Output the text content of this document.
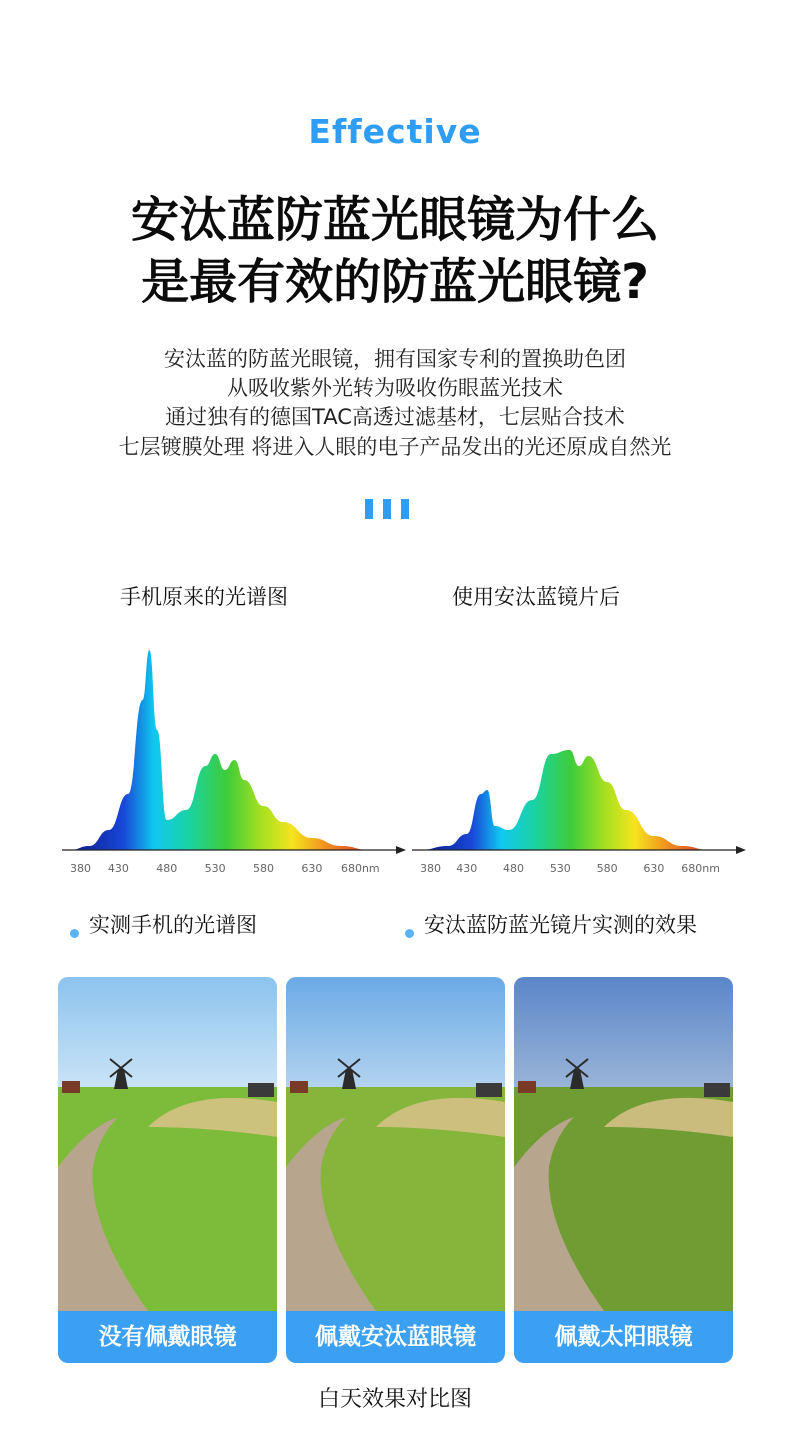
Effective
安汰蓝防蓝光眼镜为什么
是最有效的防蓝光眼镜?
安汰蓝的防蓝光眼镜，拥有国家专利的置换助色团
从吸收紫外光转为吸收伤眼蓝光技术
通过独有的德国TAC高透过滤基材，七层贴合技术
七层镀膜处理 将进入人眼的电子产品发出的光还原成自然光
手机原来的光谱图	使用安汰蓝镜片后
380 430 480 530 580 630 680nm	380 430 480 530 580 630 680nm
实测手机的光谱图	安汰蓝防蓝光镜片实测的效果
没有佩戴眼镜	佩戴安汰蓝眼镜	佩戴太阳眼镜
白天效果对比图
